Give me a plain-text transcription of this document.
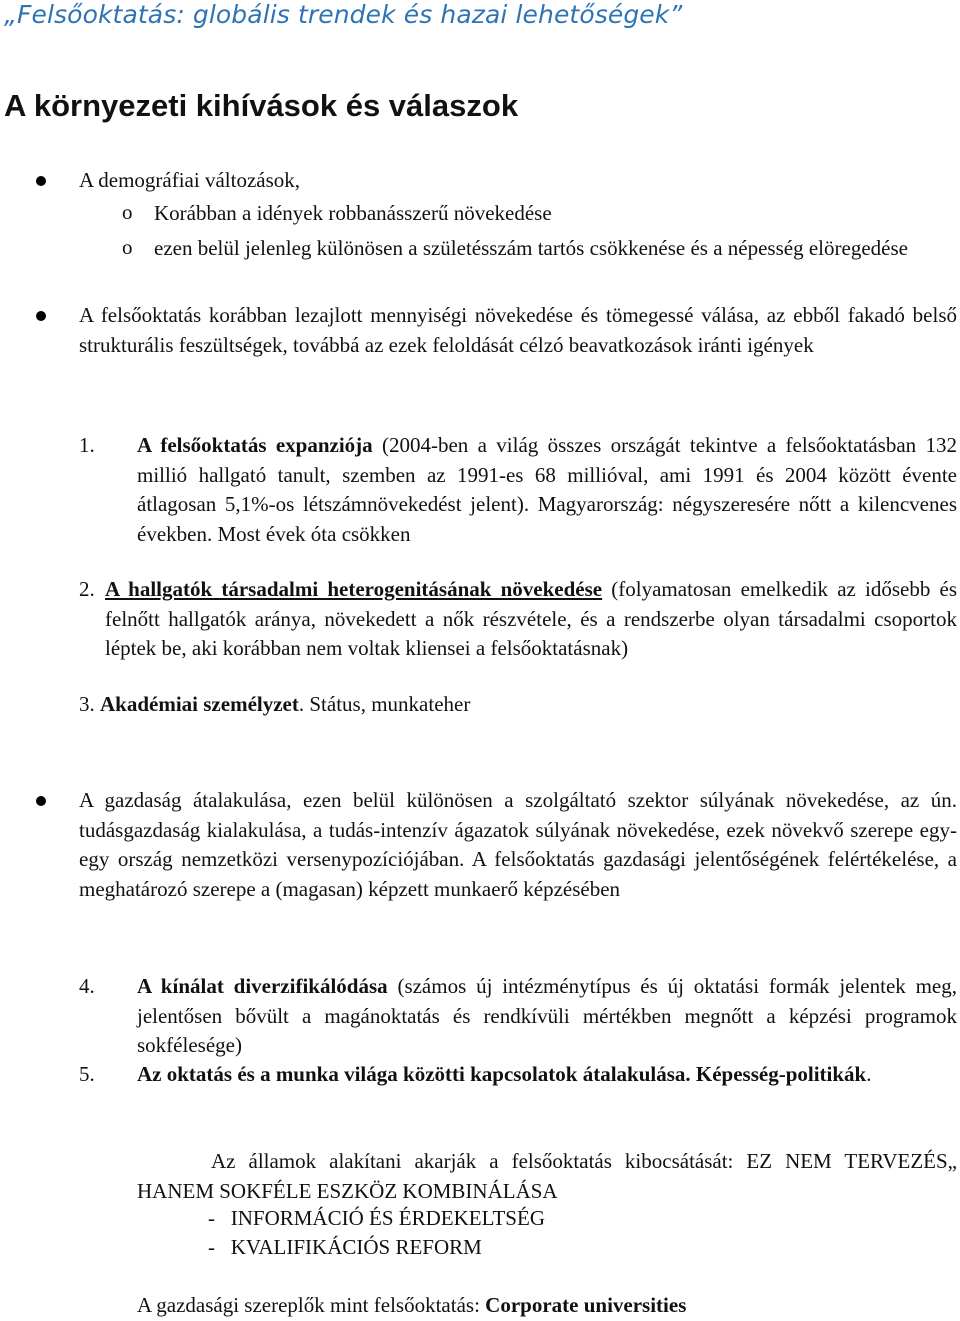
„Felsőoktatás: globális trendek és hazai lehetőségek”
A környezeti kihívások és válaszok
A demográfiai változások,
o Korábban a idények robbanásszerű növekedése
o ezen belül jelenleg különösen a születésszám tartós csökkenése és a népesség elöregedése
A felsőoktatás korábban lezajlott mennyiségi növekedése és tömegessé válása, az ebből fakadó belső strukturális feszültségek, továbbá az ezek feloldását célzó beavatkozások iránti igények
1. A felsőoktatás expanziója (2004-ben a világ összes országát tekintve a felsőoktatásban 132 millió hallgató tanult, szemben az 1991-es 68 millióval, ami 1991 és 2004 között évente átlagosan 5,1%-os létszámnövekedést jelent). Magyarország: négyszeresére nőtt a kilencvenes években. Most évek óta csökken
2. A hallgatók társadalmi heterogenitásának növekedése (folyamatosan emelkedik az idősebb és felnőtt hallgatók aránya, növekedett a nők részvétele, és a rendszerbe olyan társadalmi csoportok léptek be, aki korábban nem voltak kliensei a felsőoktatásnak)
3. Akadémiai személyzet. Státus, munkateher
A gazdaság átalakulása, ezen belül különösen a szolgáltató szektor súlyának növekedése, az ún. tudásgazdaság kialakulása, a tudás-intenzív ágazatok súlyának növekedése, ezek növekvő szerepe egy-egy ország nemzetközi versenypozíciójában. A felsőoktatás gazdasági jelentőségének felértékelése, a meghatározó szerepe a (magasan) képzett munkaerő képzésében
4. A kínálat diverzifikálódása (számos új intézménytípus és új oktatási formák jelentek meg, jelentősen bővült a magánoktatás és rendkívüli mértékben megnőtt a képzési programok sokfélesége)
5. Az oktatás és a munka világa közötti kapcsolatok átalakulása. Képesség-politikák.
Az államok alakítani akarják a felsőoktatás kibocsátását: EZ NEM TERVEZÉS„ HANEM SOKFÉLE ESZKÖZ KOMBINÁLÁSA
-   INFORMÁCIÓ ÉS ÉRDEKELTSÉG
-   KVALIFIKÁCIÓS REFORM
A gazdasági szereplők mint felsőoktatás: Corporate universities
